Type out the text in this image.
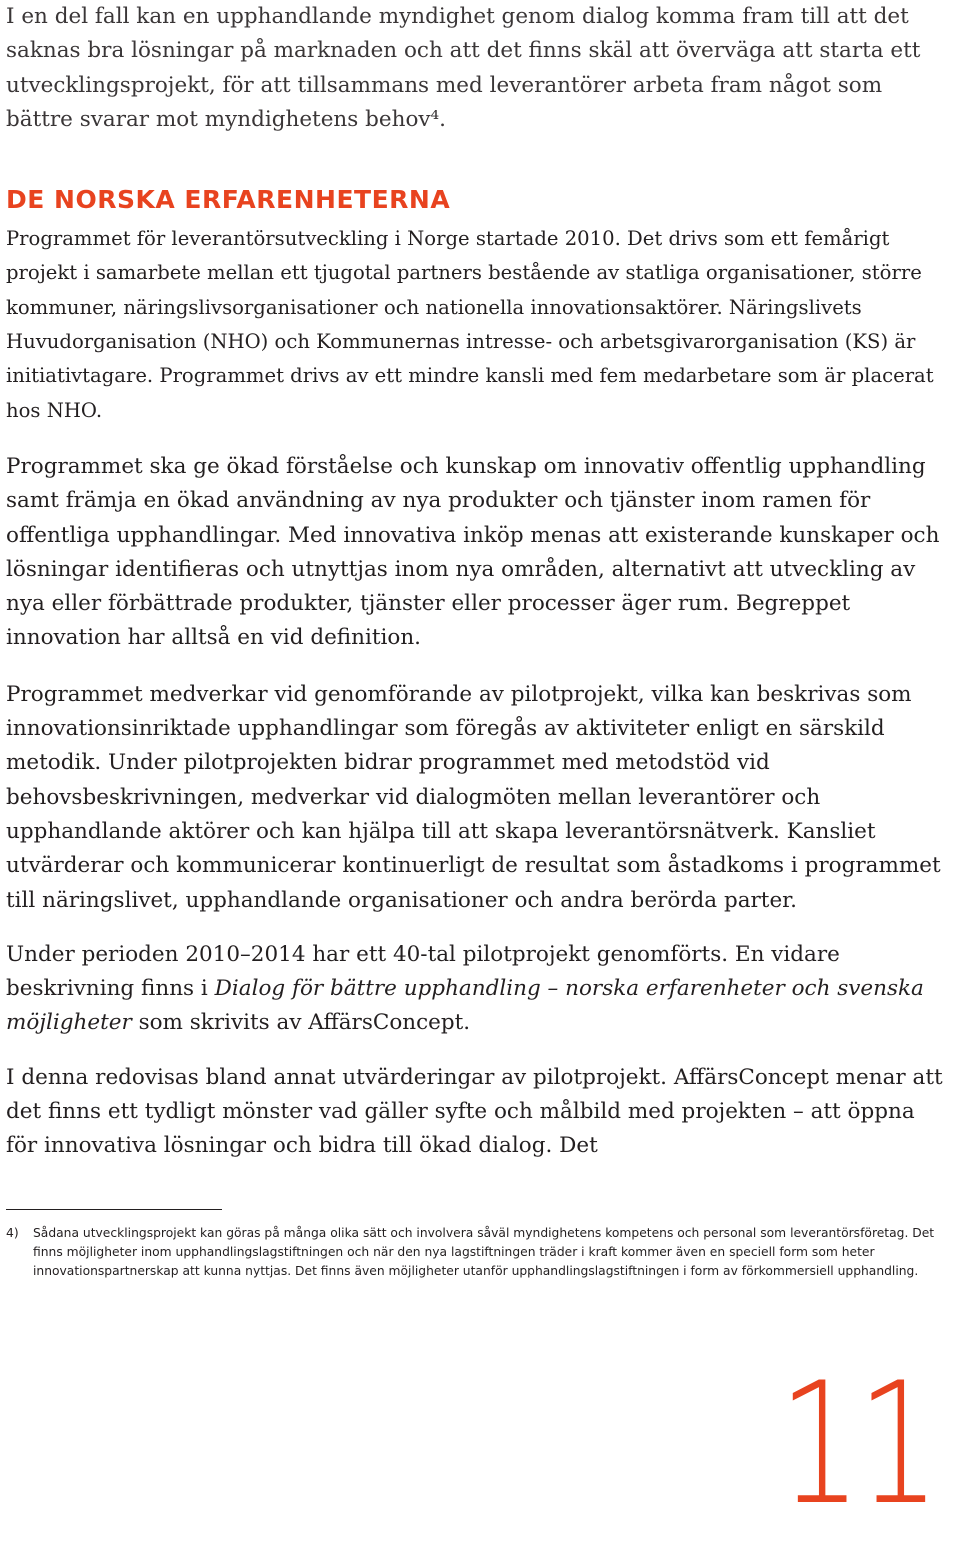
I en del fall kan en upphandlande myndighet genom dialog komma fram till att det saknas bra lösningar på marknaden och att det finns skäl att överväga att starta ett utvecklingsprojekt, för att tillsammans med leverantörer arbeta fram något som bättre svarar mot myndighetens behov⁴.

DE NORSKA ERFARENHETERNA

Programmet för leverantörsutveckling i Norge startade 2010. Det drivs som ett femårigt projekt i samarbete mellan ett tjugotal partners bestående av statliga organisationer, större kommuner, näringslivsorganisationer och nationella innovationsaktörer. Näringslivets Huvudorganisation (NHO) och Kommunernas intresse- och arbetsgivarorganisation (KS) är initiativtagare. Programmet drivs av ett mindre kansli med fem medarbetare som är placerat hos NHO.

Programmet ska ge ökad förståelse och kunskap om innovativ offentlig upphandling samt främja en ökad användning av nya produkter och tjänster inom ramen för offentliga upphandlingar. Med innovativa inköp menas att existerande kunskaper och lösningar identifieras och utnyttjas inom nya områden, alternativt att utveckling av nya eller förbättrade produkter, tjänster eller processer äger rum. Begreppet innovation har alltså en vid definition.

Programmet medverkar vid genomförande av pilotprojekt, vilka kan beskrivas som innovationsinriktade upphandlingar som föregås av aktiviteter enligt en särskild metodik. Under pilotprojekten bidrar programmet med metodstöd vid behovsbeskrivningen, medverkar vid dialogmöten mellan leverantörer och upphandlande aktörer och kan hjälpa till att skapa leverantörsnätverk. Kansliet utvärderar och kommunicerar kontinuerligt de resultat som åstadkoms i programmet till näringslivet, upphandlande organisationer och andra berörda parter.

Under perioden 2010–2014 har ett 40-tal pilotprojekt genomförts. En vidare beskrivning finns i Dialog för bättre upphandling – norska erfarenheter och svenska möjligheter som skrivits av AffärsConcept.

I denna redovisas bland annat utvärderingar av pilotprojekt. AffärsConcept menar att det finns ett tydligt mönster vad gäller syfte och målbild med projekten – att öppna för innovativa lösningar och bidra till ökad dialog. Det

4) Sådana utvecklingsprojekt kan göras på många olika sätt och involvera såväl myndighetens kompetens och personal som leverantörsföretag. Det finns möjligheter inom upphandlingslagstiftningen och när den nya lagstiftningen träder i kraft kommer även en speciell form som heter innovationspartnerskap att kunna nyttjas. Det finns även möjligheter utanför upphandlingslagstiftningen i form av förkommersiell upphandling.
11
